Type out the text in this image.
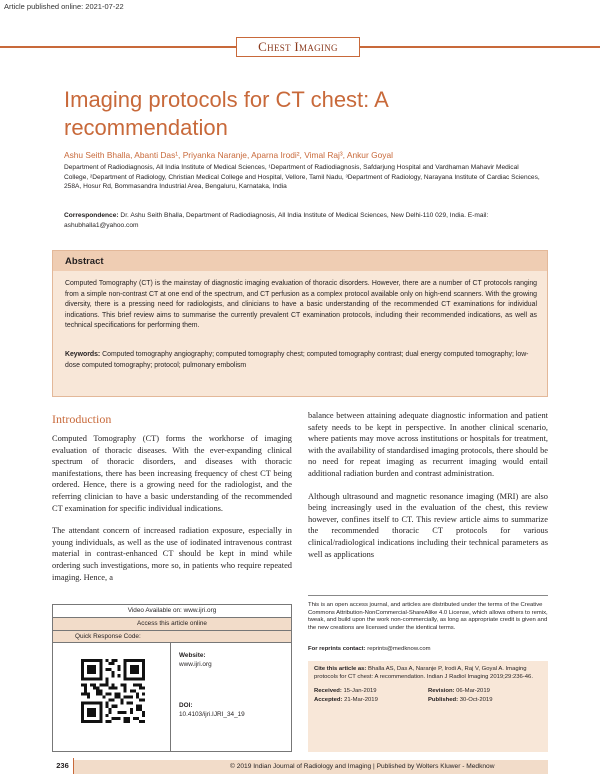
Article published online: 2021-07-22
Chest Imaging
Imaging protocols for CT chest: A recommendation
Ashu Seith Bhalla, Abanti Das¹, Priyanka Naranje, Aparna Irodi², Vimal Raj³, Ankur Goyal
Department of Radiodiagnosis, All India Institute of Medical Sciences, ¹Department of Radiodiagnosis, Safdarjung Hospital and Vardhaman Mahavir Medical College, ²Department of Radiology, Christian Medical College and Hospital, Vellore, Tamil Nadu, ³Department of Radiology, Narayana Institute of Cardiac Sciences, 258A, Hosur Rd, Bommasandra Industrial Area, Bengaluru, Karnataka, India
Correspondence: Dr. Ashu Seith Bhalla, Department of Radiodiagnosis, All India Institute of Medical Sciences, New Delhi-110 029, India. E-mail: ashubhalla1@yahoo.com
Abstract
Computed Tomography (CT) is the mainstay of diagnostic imaging evaluation of thoracic disorders. However, there are a number of CT protocols ranging from a simple non-contrast CT at one end of the spectrum, and CT perfusion as a complex protocol available only on high-end scanners. With the growing diversity, there is a pressing need for radiologists, and clinicians to have a basic understanding of the recommended CT examinations for individual indications. This brief review aims to summarise the currently prevalent CT examination protocols, including their recommended indications, as well as technical specifications for performing them.
Keywords: Computed tomography angiography; computed tomography chest; computed tomography contrast; dual energy computed tomography; low-dose computed tomography; protocol; pulmonary embolism
Introduction

Computed Tomography (CT) forms the workhorse of imaging evaluation of thoracic diseases. With the ever-expanding clinical spectrum of thoracic disorders, and diseases with thoracic manifestations, there has been increasing frequency of chest CT being ordered. Hence, there is a growing need for the radiologist, and the referring clinician to have a basic understanding of the recommended CT examination for specific individual indications.

The attendant concern of increased radiation exposure, especially in young individuals, as well as the use of iodinated intravenous contrast material in contrast-enhanced CT should be kept in mind while ordering such investigations, more so, in patients who require repeated imaging. Hence, a

balance between attaining adequate diagnostic information and patient safety needs to be kept in perspective. In another clinical scenario, where patients may move across institutions or hospitals for treatment, with the availability of standardised imaging protocols, there should be no need for repeat imaging as recurrent imaging would entail additional radiation burden and contrast administration.

Although ultrasound and magnetic resonance imaging (MRI) are also being increasingly used in the evaluation of the chest, this review however, confines itself to CT. This review article aims to summarize the recommended thoracic CT protocols for various clinical/radiological indications including their technical parameters as well as applications

This is an open access journal, and articles are distributed under the terms of the Creative Commons Attribution-NonCommercial-ShareAlike 4.0 License, which allows others to remix, tweak, and build upon the work non-commercially, as long as appropriate credit is given and the new creations are licensed under the identical terms.
For reprints contact: reprints@medknow.com
Cite this article as: Bhalla AS, Das A, Naranje P, Irodi A, Raj V, Goyal A. Imaging protocols for CT chest: A recommendation. Indian J Radiol Imaging 2019;29:236-46.
Received: 15-Jan-2019	Revision: 06-Mar-2019
Accepted: 21-Mar-2019	Published: 30-Oct-2019
Video Available on: www.ijri.org
Access this article online
Quick Response Code:
Website:
www.ijri.org
DOI:
10.4103/ijri.IJRI_34_19
236	© 2019 Indian Journal of Radiology and Imaging | Published by Wolters Kluwer - Medknow
